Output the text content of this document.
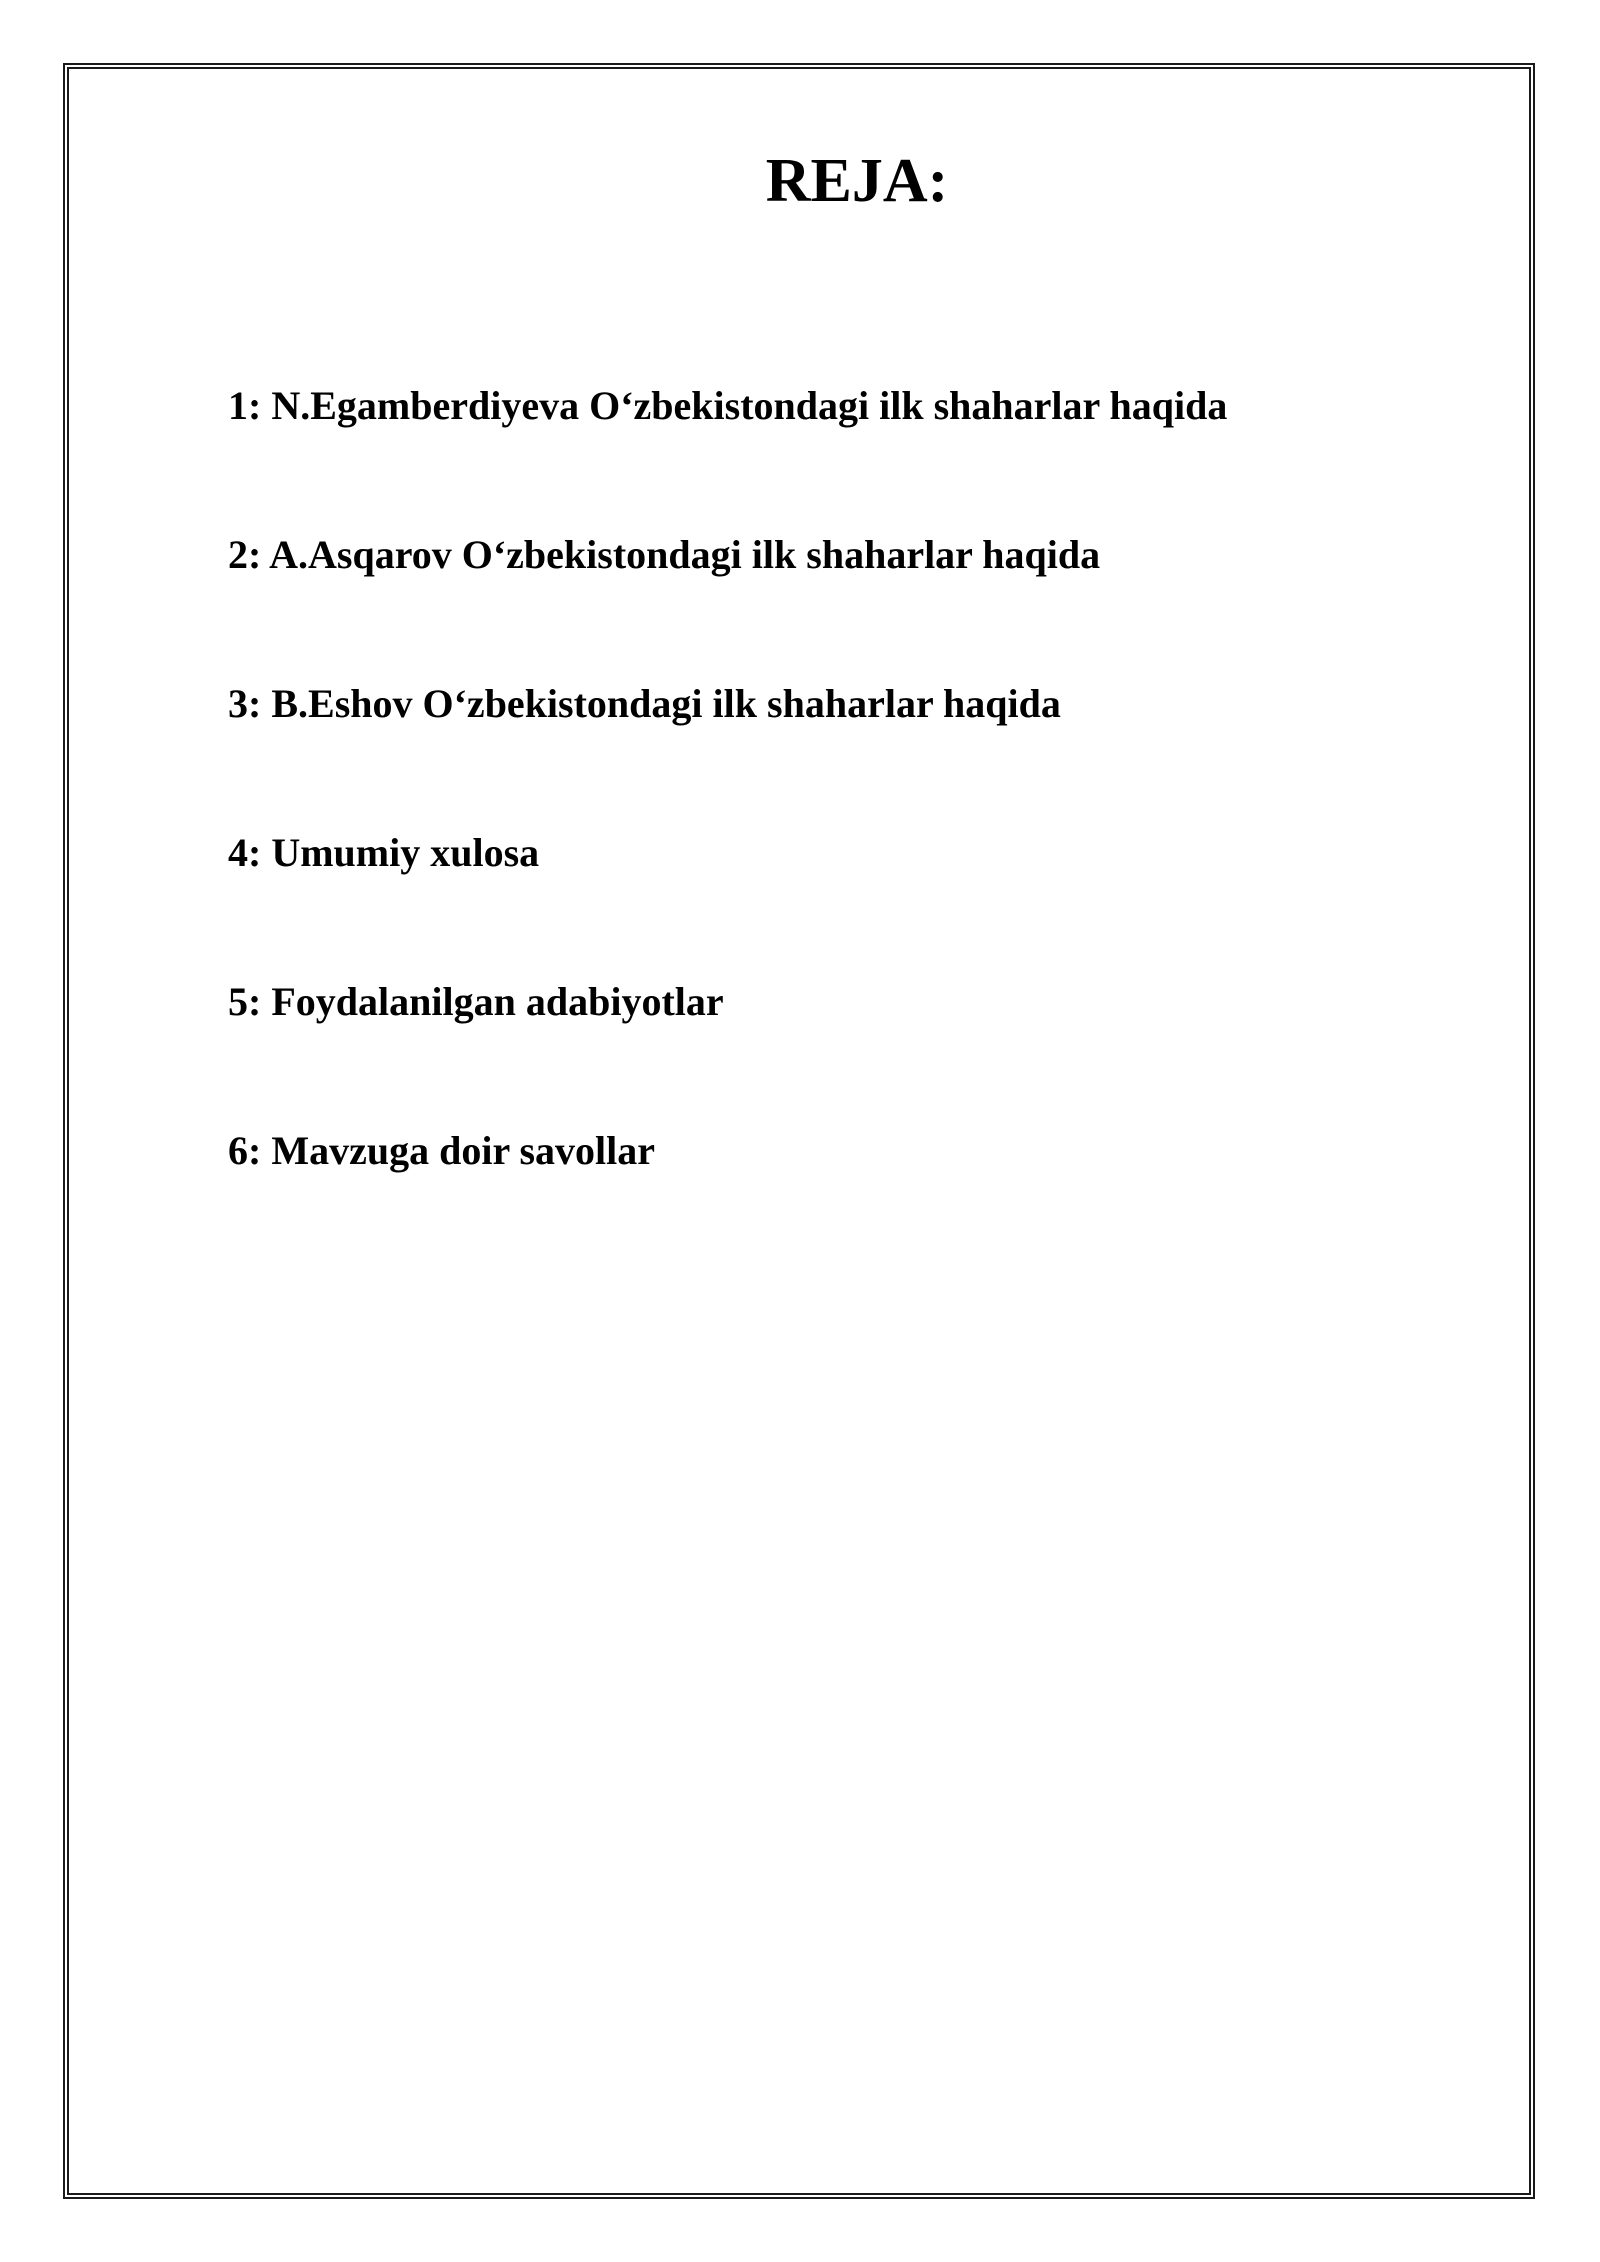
REJA:
1: N.Egamberdiyeva O‘zbekistondagi ilk shaharlar haqida
2: A.Asqarov O‘zbekistondagi ilk shaharlar haqida
3: B.Eshov O‘zbekistondagi ilk shaharlar haqida
4: Umumiy xulosa
5: Foydalanilgan adabiyotlar
6: Mavzuga doir savollar
